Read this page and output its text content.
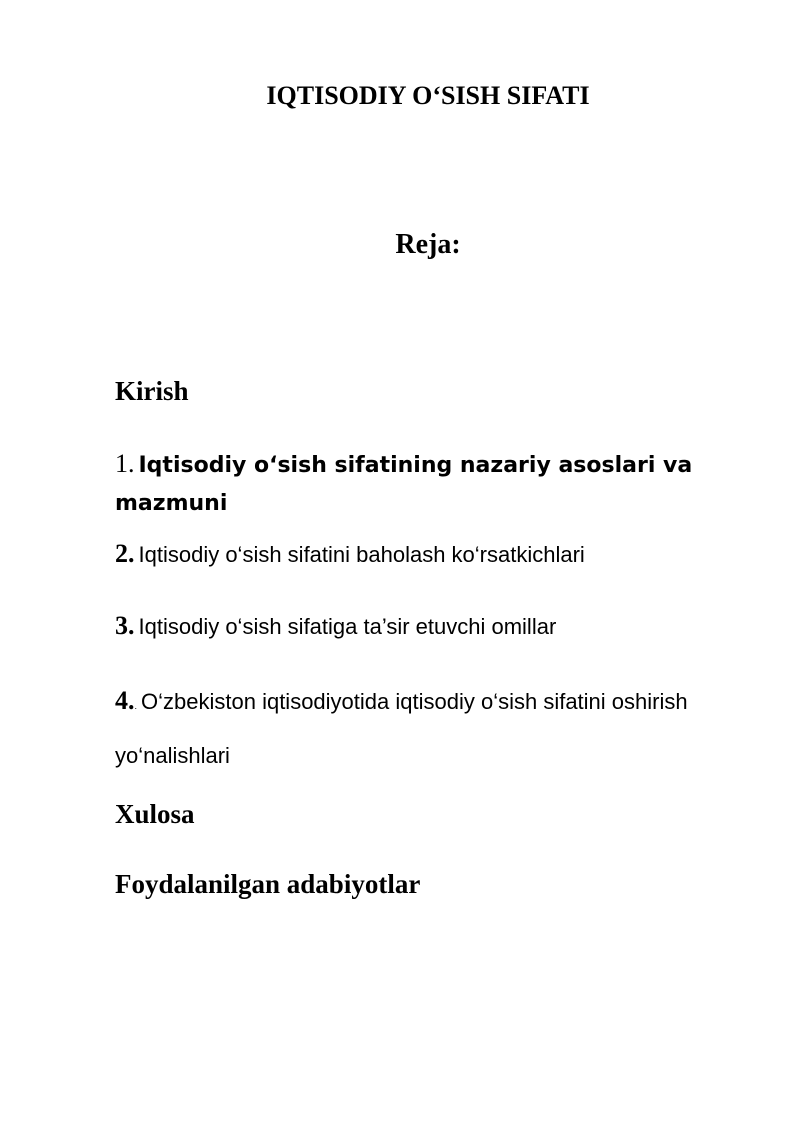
IQTISODIY O‘SISH SIFATI
Reja:

Kirish

1. Iqtisodiy o‘sish sifatining nazariy asoslari va mazmuni

2. Iqtisodiy o‘sish sifatini baholash ko‘rsatkichlari

3. Iqtisodiy o‘sish sifatiga ta’sir etuvchi omillar

4.. O‘zbekiston iqtisodiyotida iqtisodiy o‘sish sifatini oshirish yo‘nalishlari

Xulosa

Foydalanilgan adabiyotlar
